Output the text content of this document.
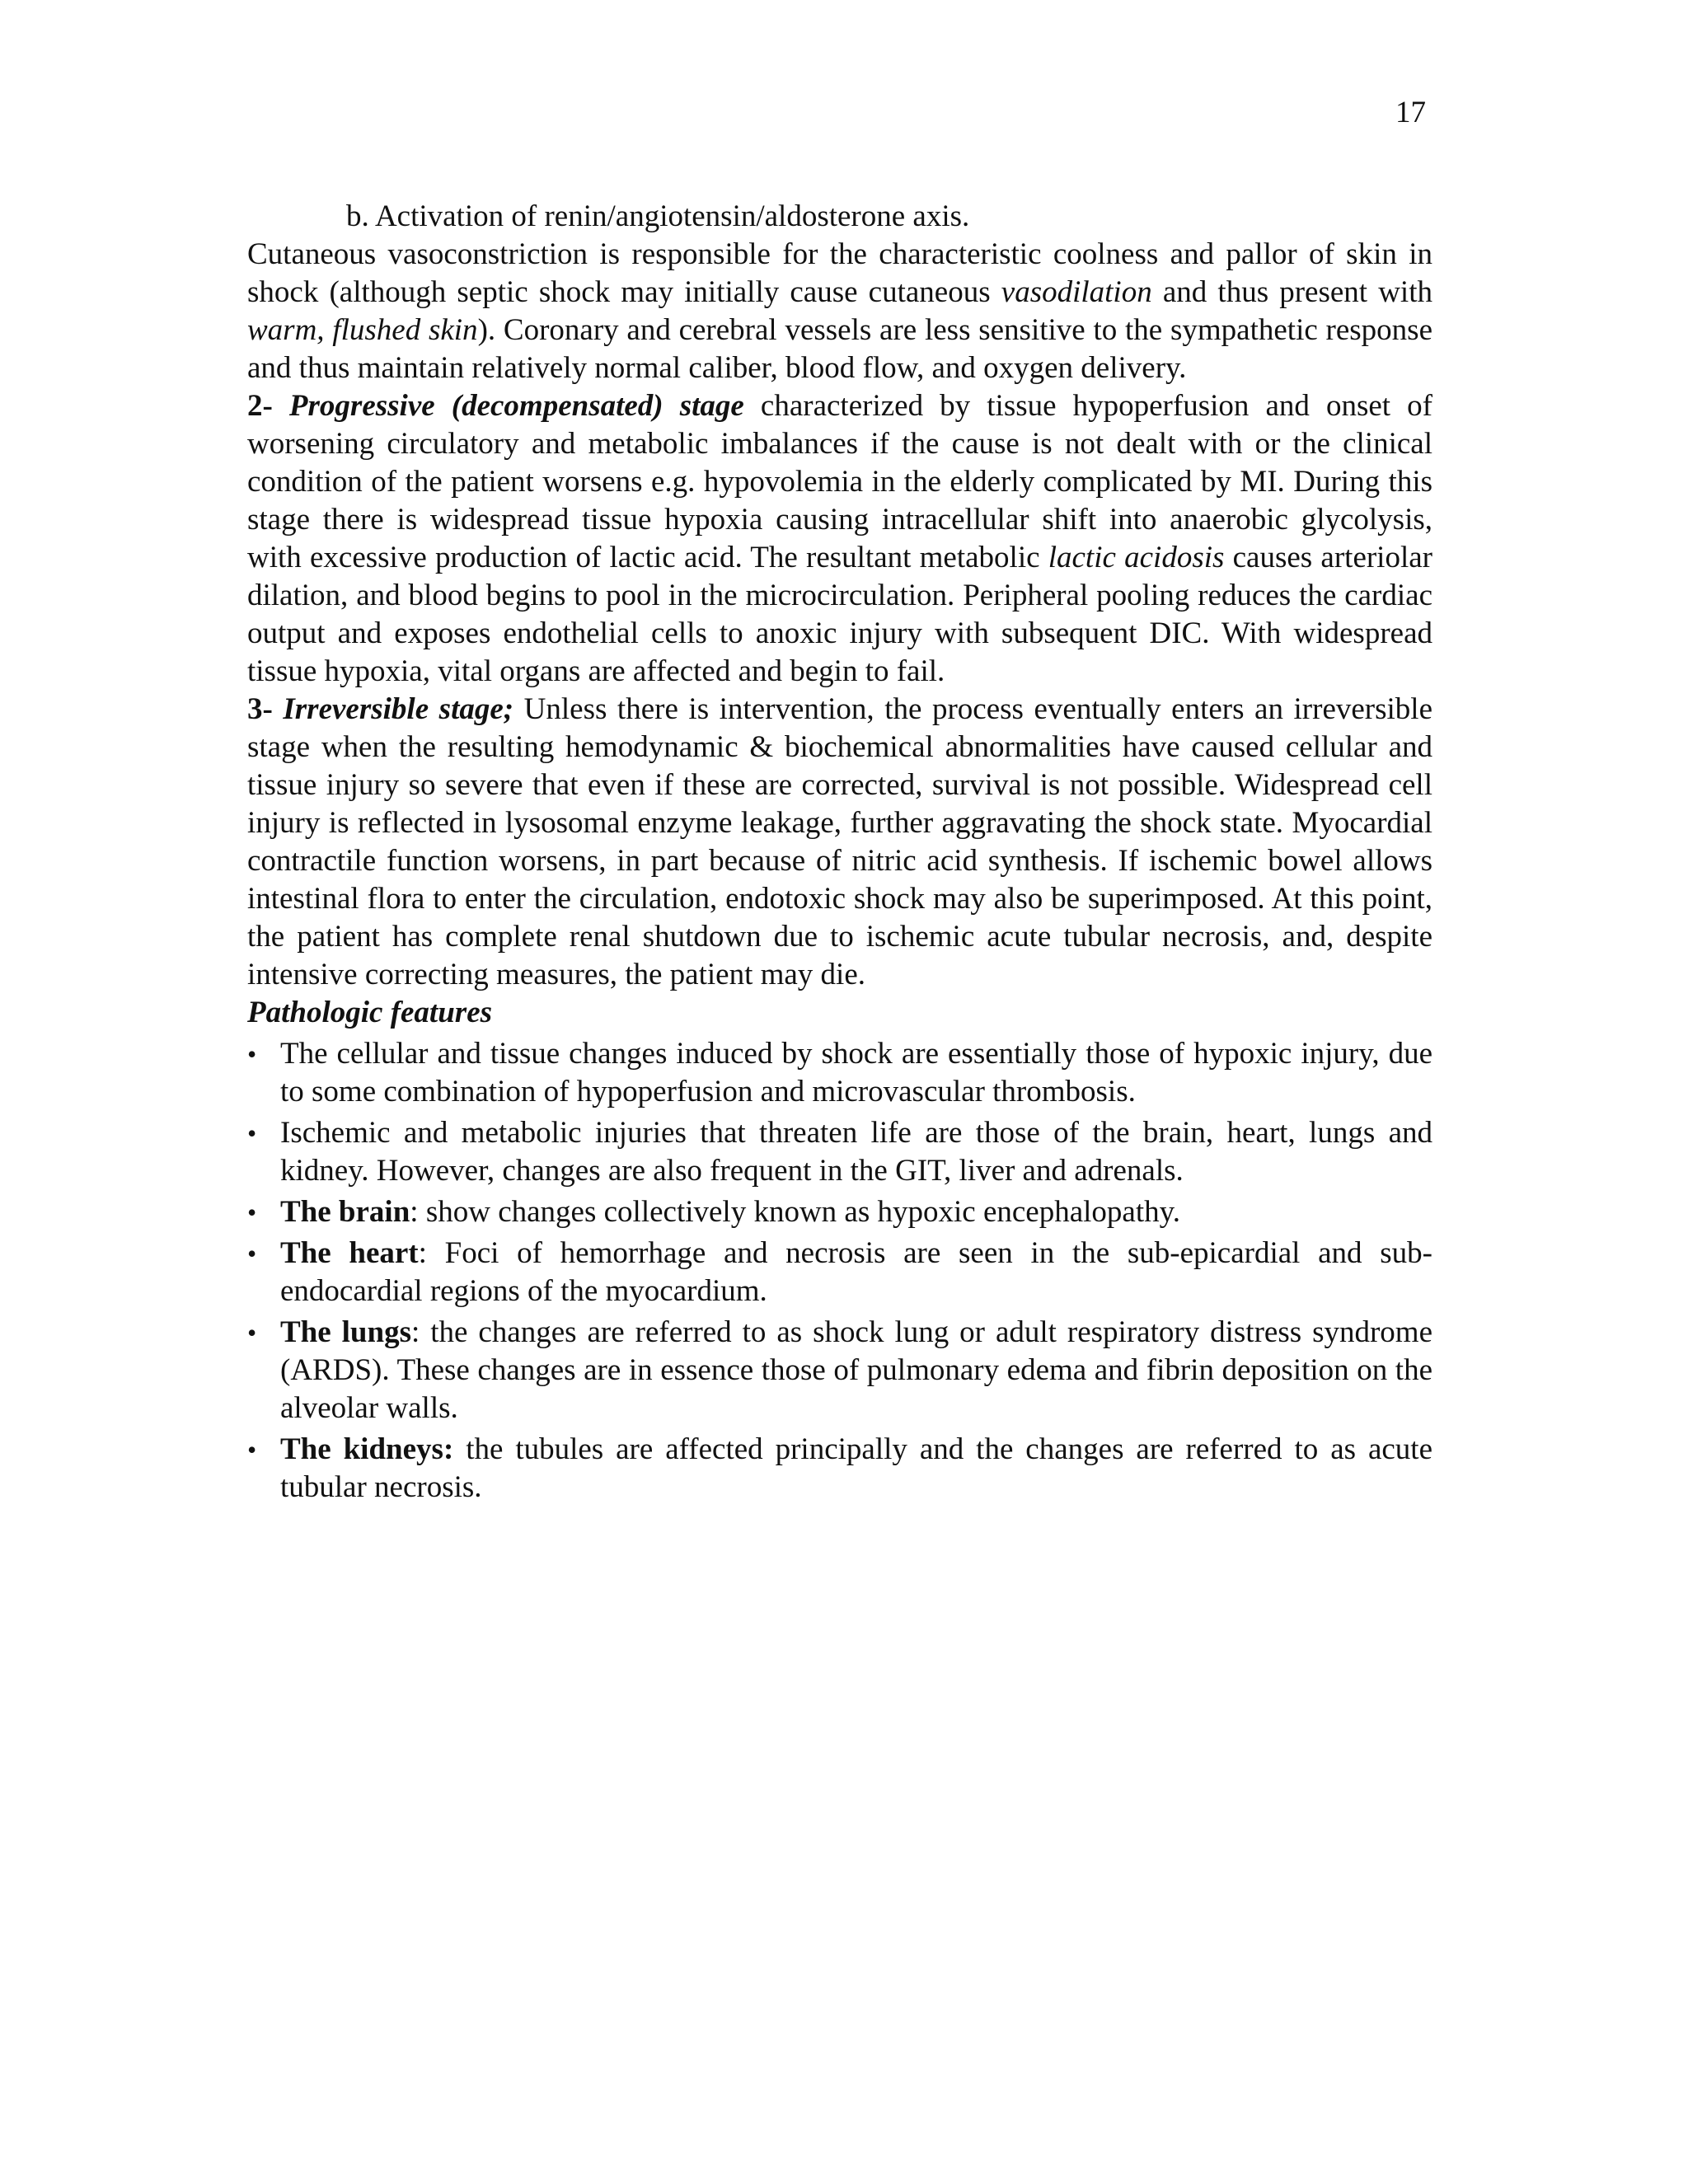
17

b. Activation of renin/angiotensin/aldosterone axis.

Cutaneous vasoconstriction is responsible for the characteristic coolness and pallor of skin in shock (although septic shock may initially cause cutaneous vasodilation and thus present with warm, flushed skin). Coronary and cerebral vessels are less sensitive to the sympathetic response and thus maintain relatively normal caliber, blood flow, and oxygen delivery.

2- Progressive (decompensated) stage characterized by tissue hypoperfusion and onset of worsening circulatory and metabolic imbalances if the cause is not dealt with or the clinical condition of the patient worsens e.g. hypovolemia in the elderly complicated by MI. During this stage there is widespread tissue hypoxia causing intracellular shift into anaerobic glycolysis, with excessive production of lactic acid. The resultant metabolic lactic acidosis causes arteriolar dilation, and blood begins to pool in the microcirculation. Peripheral pooling reduces the cardiac output and exposes endothelial cells to anoxic injury with subsequent DIC. With widespread tissue hypoxia, vital organs are affected and begin to fail.

3- Irreversible stage; Unless there is intervention, the process eventually enters an irreversible stage when the resulting hemodynamic & biochemical abnormalities have caused cellular and tissue injury so severe that even if these are corrected, survival is not possible. Widespread cell injury is reflected in lysosomal enzyme leakage, further aggravating the shock state. Myocardial contractile function worsens, in part because of nitric acid synthesis. If ischemic bowel allows intestinal flora to enter the circulation, endotoxic shock may also be superimposed. At this point, the patient has complete renal shutdown due to ischemic acute tubular necrosis, and, despite intensive correcting measures, the patient may die.

Pathologic features

• The cellular and tissue changes induced by shock are essentially those of hypoxic injury, due to some combination of hypoperfusion and microvascular thrombosis.
• Ischemic and metabolic injuries that threaten life are those of the brain, heart, lungs and kidney. However, changes are also frequent in the GIT, liver and adrenals.
• The brain: show changes collectively known as hypoxic encephalopathy.
• The heart: Foci of hemorrhage and necrosis are seen in the sub-epicardial and sub-endocardial regions of the myocardium.
• The lungs: the changes are referred to as shock lung or adult respiratory distress syndrome (ARDS). These changes are in essence those of pulmonary edema and fibrin deposition on the alveolar walls.
• The kidneys: the tubules are affected principally and the changes are referred to as acute tubular necrosis.
